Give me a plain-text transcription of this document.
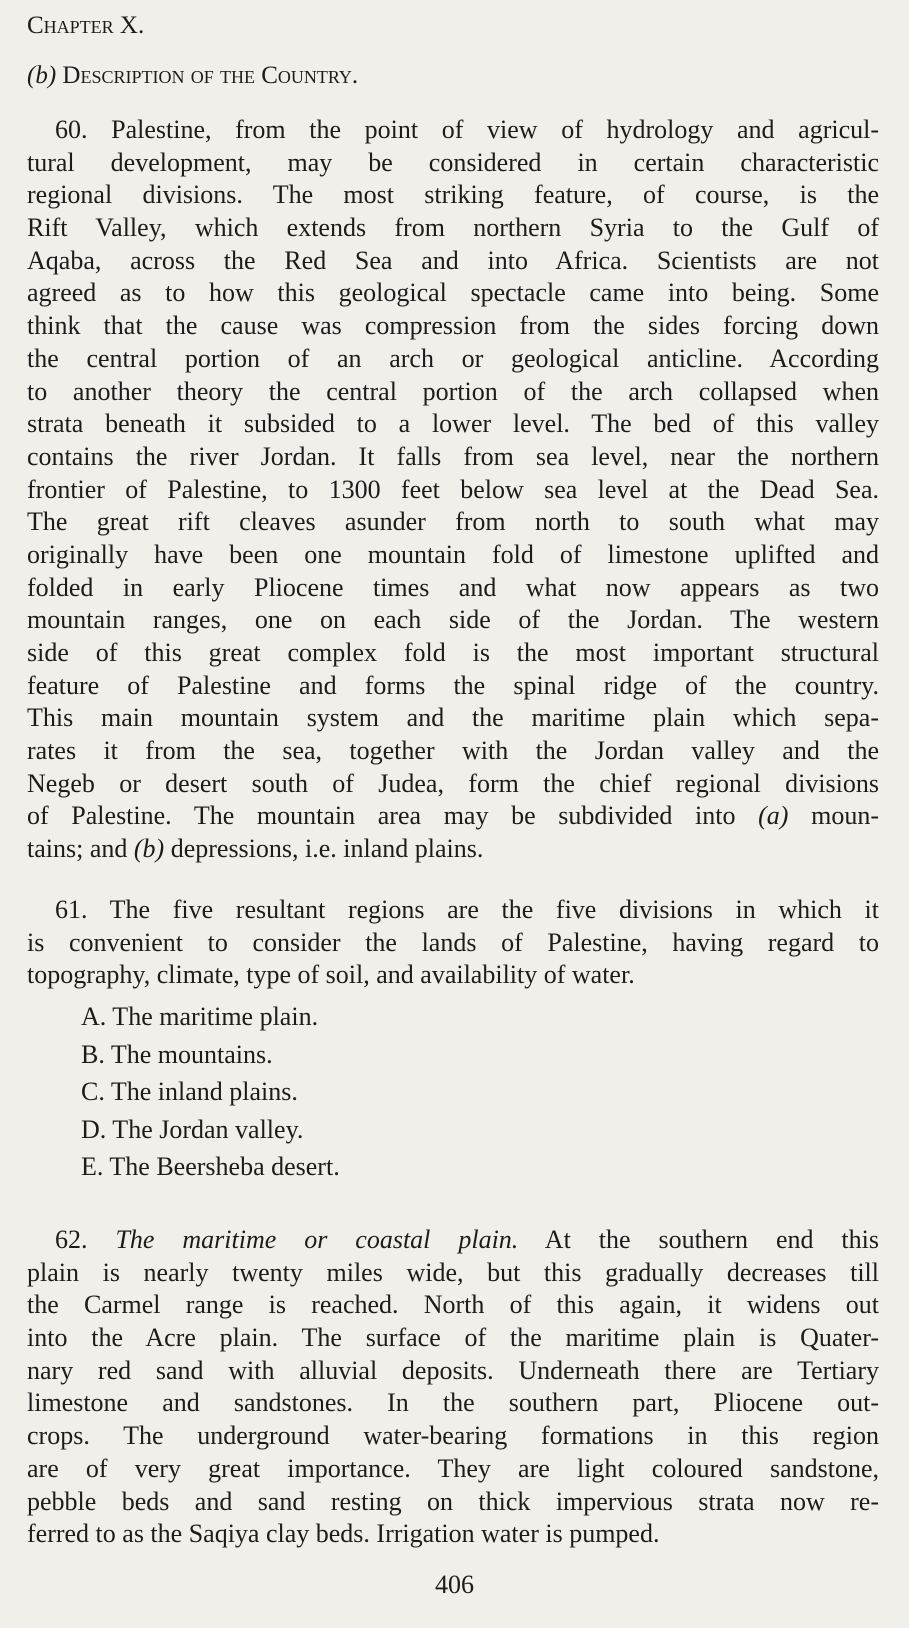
Chapter X.
(b) Description of the Country.
60. Palestine, from the point of view of hydrology and agricul-
tural development, may be considered in certain characteristic
regional divisions. The most striking feature, of course, is the
Rift Valley, which extends from northern Syria to the Gulf of
Aqaba, across the Red Sea and into Africa. Scientists are not
agreed as to how this geological spectacle came into being. Some
think that the cause was compression from the sides forcing down
the central portion of an arch or geological anticline. According
to another theory the central portion of the arch collapsed when
strata beneath it subsided to a lower level. The bed of this valley
contains the river Jordan. It falls from sea level, near the northern
frontier of Palestine, to 1300 feet below sea level at the Dead Sea.
The great rift cleaves asunder from north to south what may
originally have been one mountain fold of limestone uplifted and
folded in early Pliocene times and what now appears as two
mountain ranges, one on each side of the Jordan. The western
side of this great complex fold is the most important structural
feature of Palestine and forms the spinal ridge of the country.
This main mountain system and the maritime plain which sepa-
rates it from the sea, together with the Jordan valley and the
Negeb or desert south of Judea, form the chief regional divisions
of Palestine. The mountain area may be subdivided into (a) moun-
tains; and (b) depressions, i.e. inland plains.
61. The five resultant regions are the five divisions in which it
is convenient to consider the lands of Palestine, having regard to
topography, climate, type of soil, and availability of water.
A. The maritime plain.
B. The mountains.
C. The inland plains.
D. The Jordan valley.
E. The Beersheba desert.
62. The maritime or coastal plain. At the southern end this
plain is nearly twenty miles wide, but this gradually decreases till
the Carmel range is reached. North of this again, it widens out
into the Acre plain. The surface of the maritime plain is Quater-
nary red sand with alluvial deposits. Underneath there are Tertiary
limestone and sandstones. In the southern part, Pliocene out-
crops. The underground water-bearing formations in this region
are of very great importance. They are light coloured sandstone,
pebble beds and sand resting on thick impervious strata now re-
ferred to as the Saqiya clay beds. Irrigation water is pumped.
406
